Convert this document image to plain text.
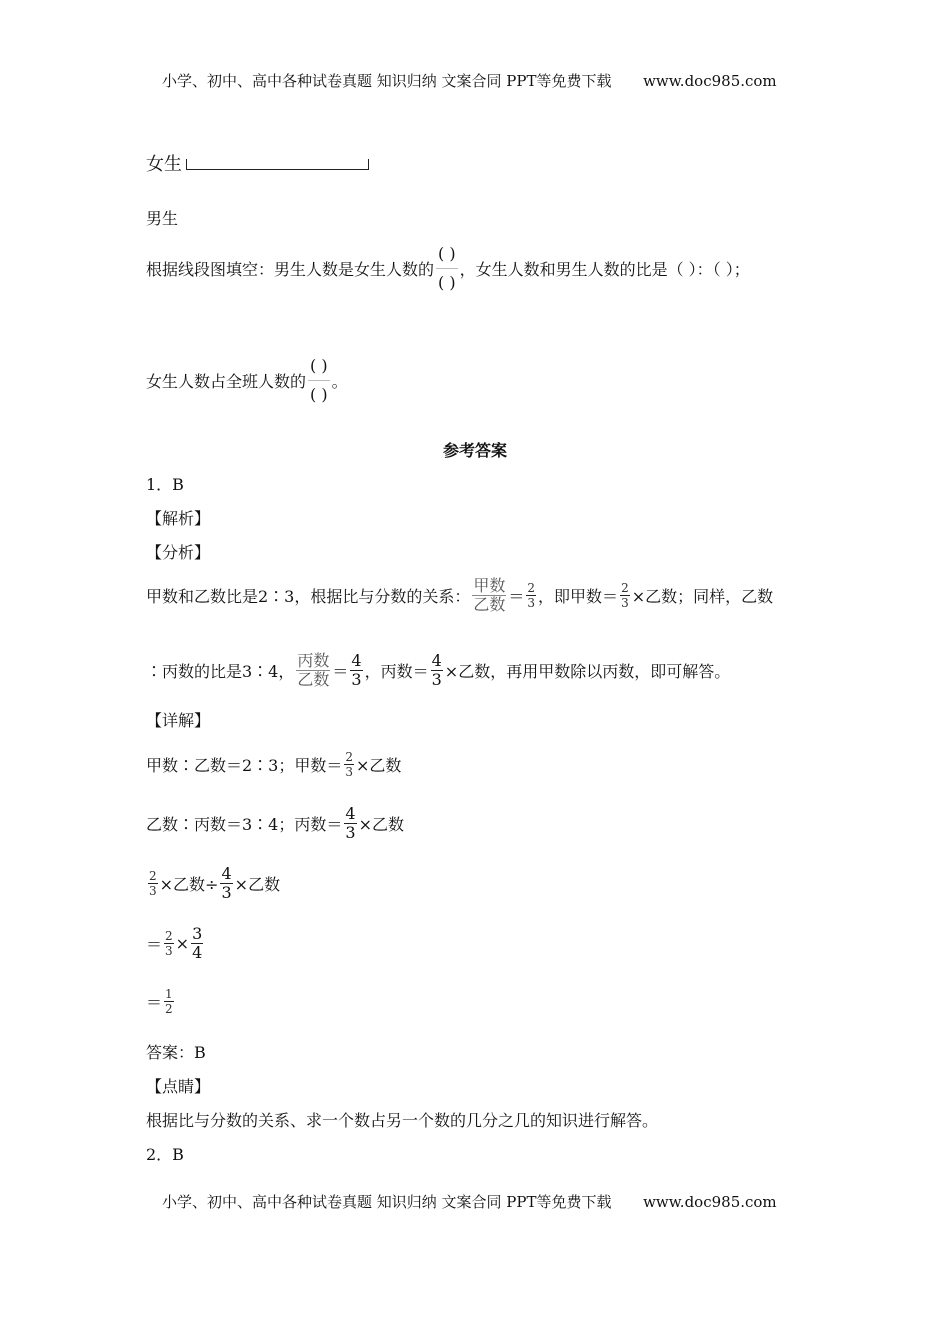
小学、初中、高中各种试卷真题 知识归纳 文案合同 PPT等免费下载 www.doc985.com
女生
男生
根据线段图填空：男生人数是女生人数的 $\frac{( )}{( )}$ ，女生人数和男生人数的比是（ ）：（ ）；
女生人数占全班人数的 $\frac{( )}{( )}$ 。
参考答案
1．B
【解析】
【分析】
甲数和乙数比是2∶3，根据比与分数的关系： $\frac{\text{甲数}}{\text{乙数}} = \frac{2}{3}$ ，即甲数＝ $\frac{2}{3}$ ×乙数；同样，乙数
∶丙数的比是3∶4， $\frac{\text{丙数}}{\text{乙数}} = \frac{4}{3}$ ，丙数＝ $\frac{4}{3}$ ×乙数，再用甲数除以丙数，即可解答。
【详解】
甲数∶乙数＝2∶3；甲数＝ $\frac{2}{3}$ ×乙数
乙数∶丙数＝3∶4；丙数＝ $\frac{4}{3}$ ×乙数
$\frac{2}{3}$ ×乙数÷ $\frac{4}{3}$ ×乙数
＝ $\frac{2}{3} \times \frac{3}{4}$
＝ $\frac{1}{2}$
答案：B
【点睛】
根据比与分数的关系、求一个数占另一个数的几分之几的知识进行解答。
2．B
小学、初中、高中各种试卷真题 知识归纳 文案合同 PPT等免费下载 www.doc985.com
